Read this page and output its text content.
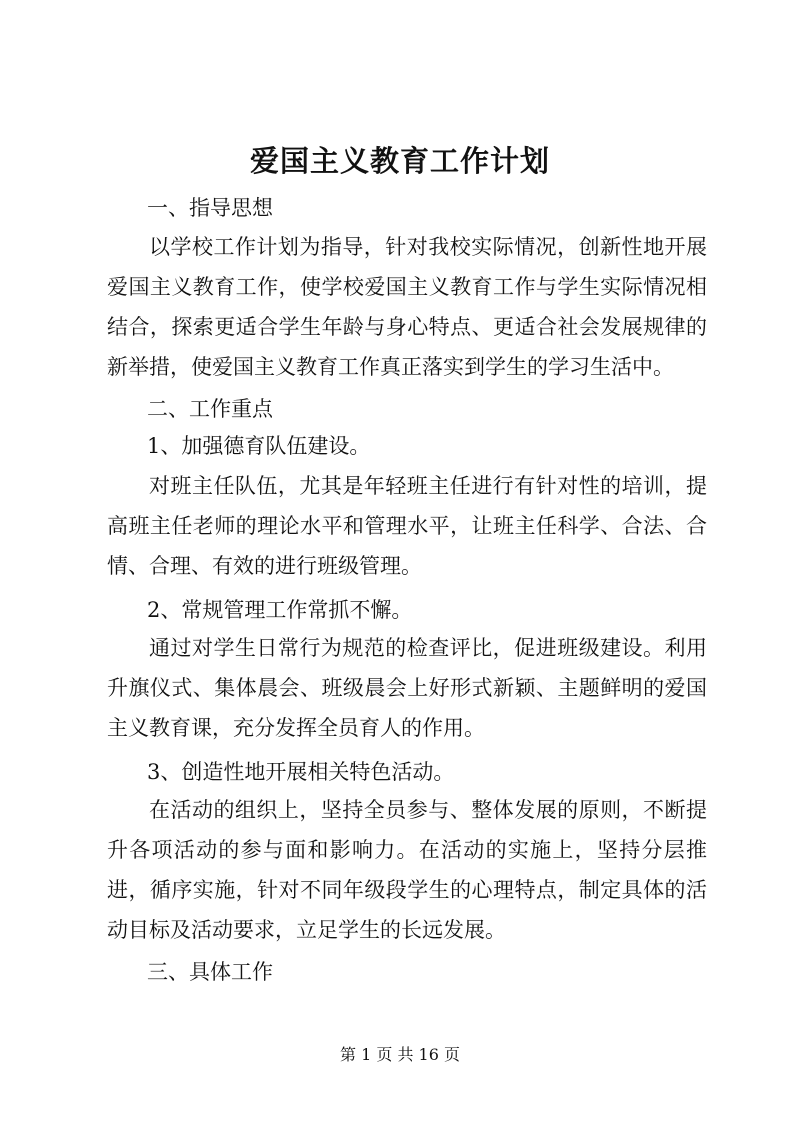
爱国主义教育工作计划
一、指导思想
以学校工作计划为指导，针对我校实际情况，创新性地开展爱国主义教育工作，使学校爱国主义教育工作与学生实际情况相结合，探索更适合学生年龄与身心特点、更适合社会发展规律的新举措，使爱国主义教育工作真正落实到学生的学习生活中。
二、工作重点
1、加强德育队伍建设。
对班主任队伍，尤其是年轻班主任进行有针对性的培训，提高班主任老师的理论水平和管理水平，让班主任科学、合法、合情、合理、有效的进行班级管理。
2、常规管理工作常抓不懈。
通过对学生日常行为规范的检查评比，促进班级建设。利用升旗仪式、集体晨会、班级晨会上好形式新颖、主题鲜明的爱国主义教育课，充分发挥全员育人的作用。
3、创造性地开展相关特色活动。
在活动的组织上，坚持全员参与、整体发展的原则，不断提升各项活动的参与面和影响力。在活动的实施上，坚持分层推进，循序实施，针对不同年级段学生的心理特点，制定具体的活动目标及活动要求，立足学生的长远发展。
三、具体工作
第 1 页 共 16 页
